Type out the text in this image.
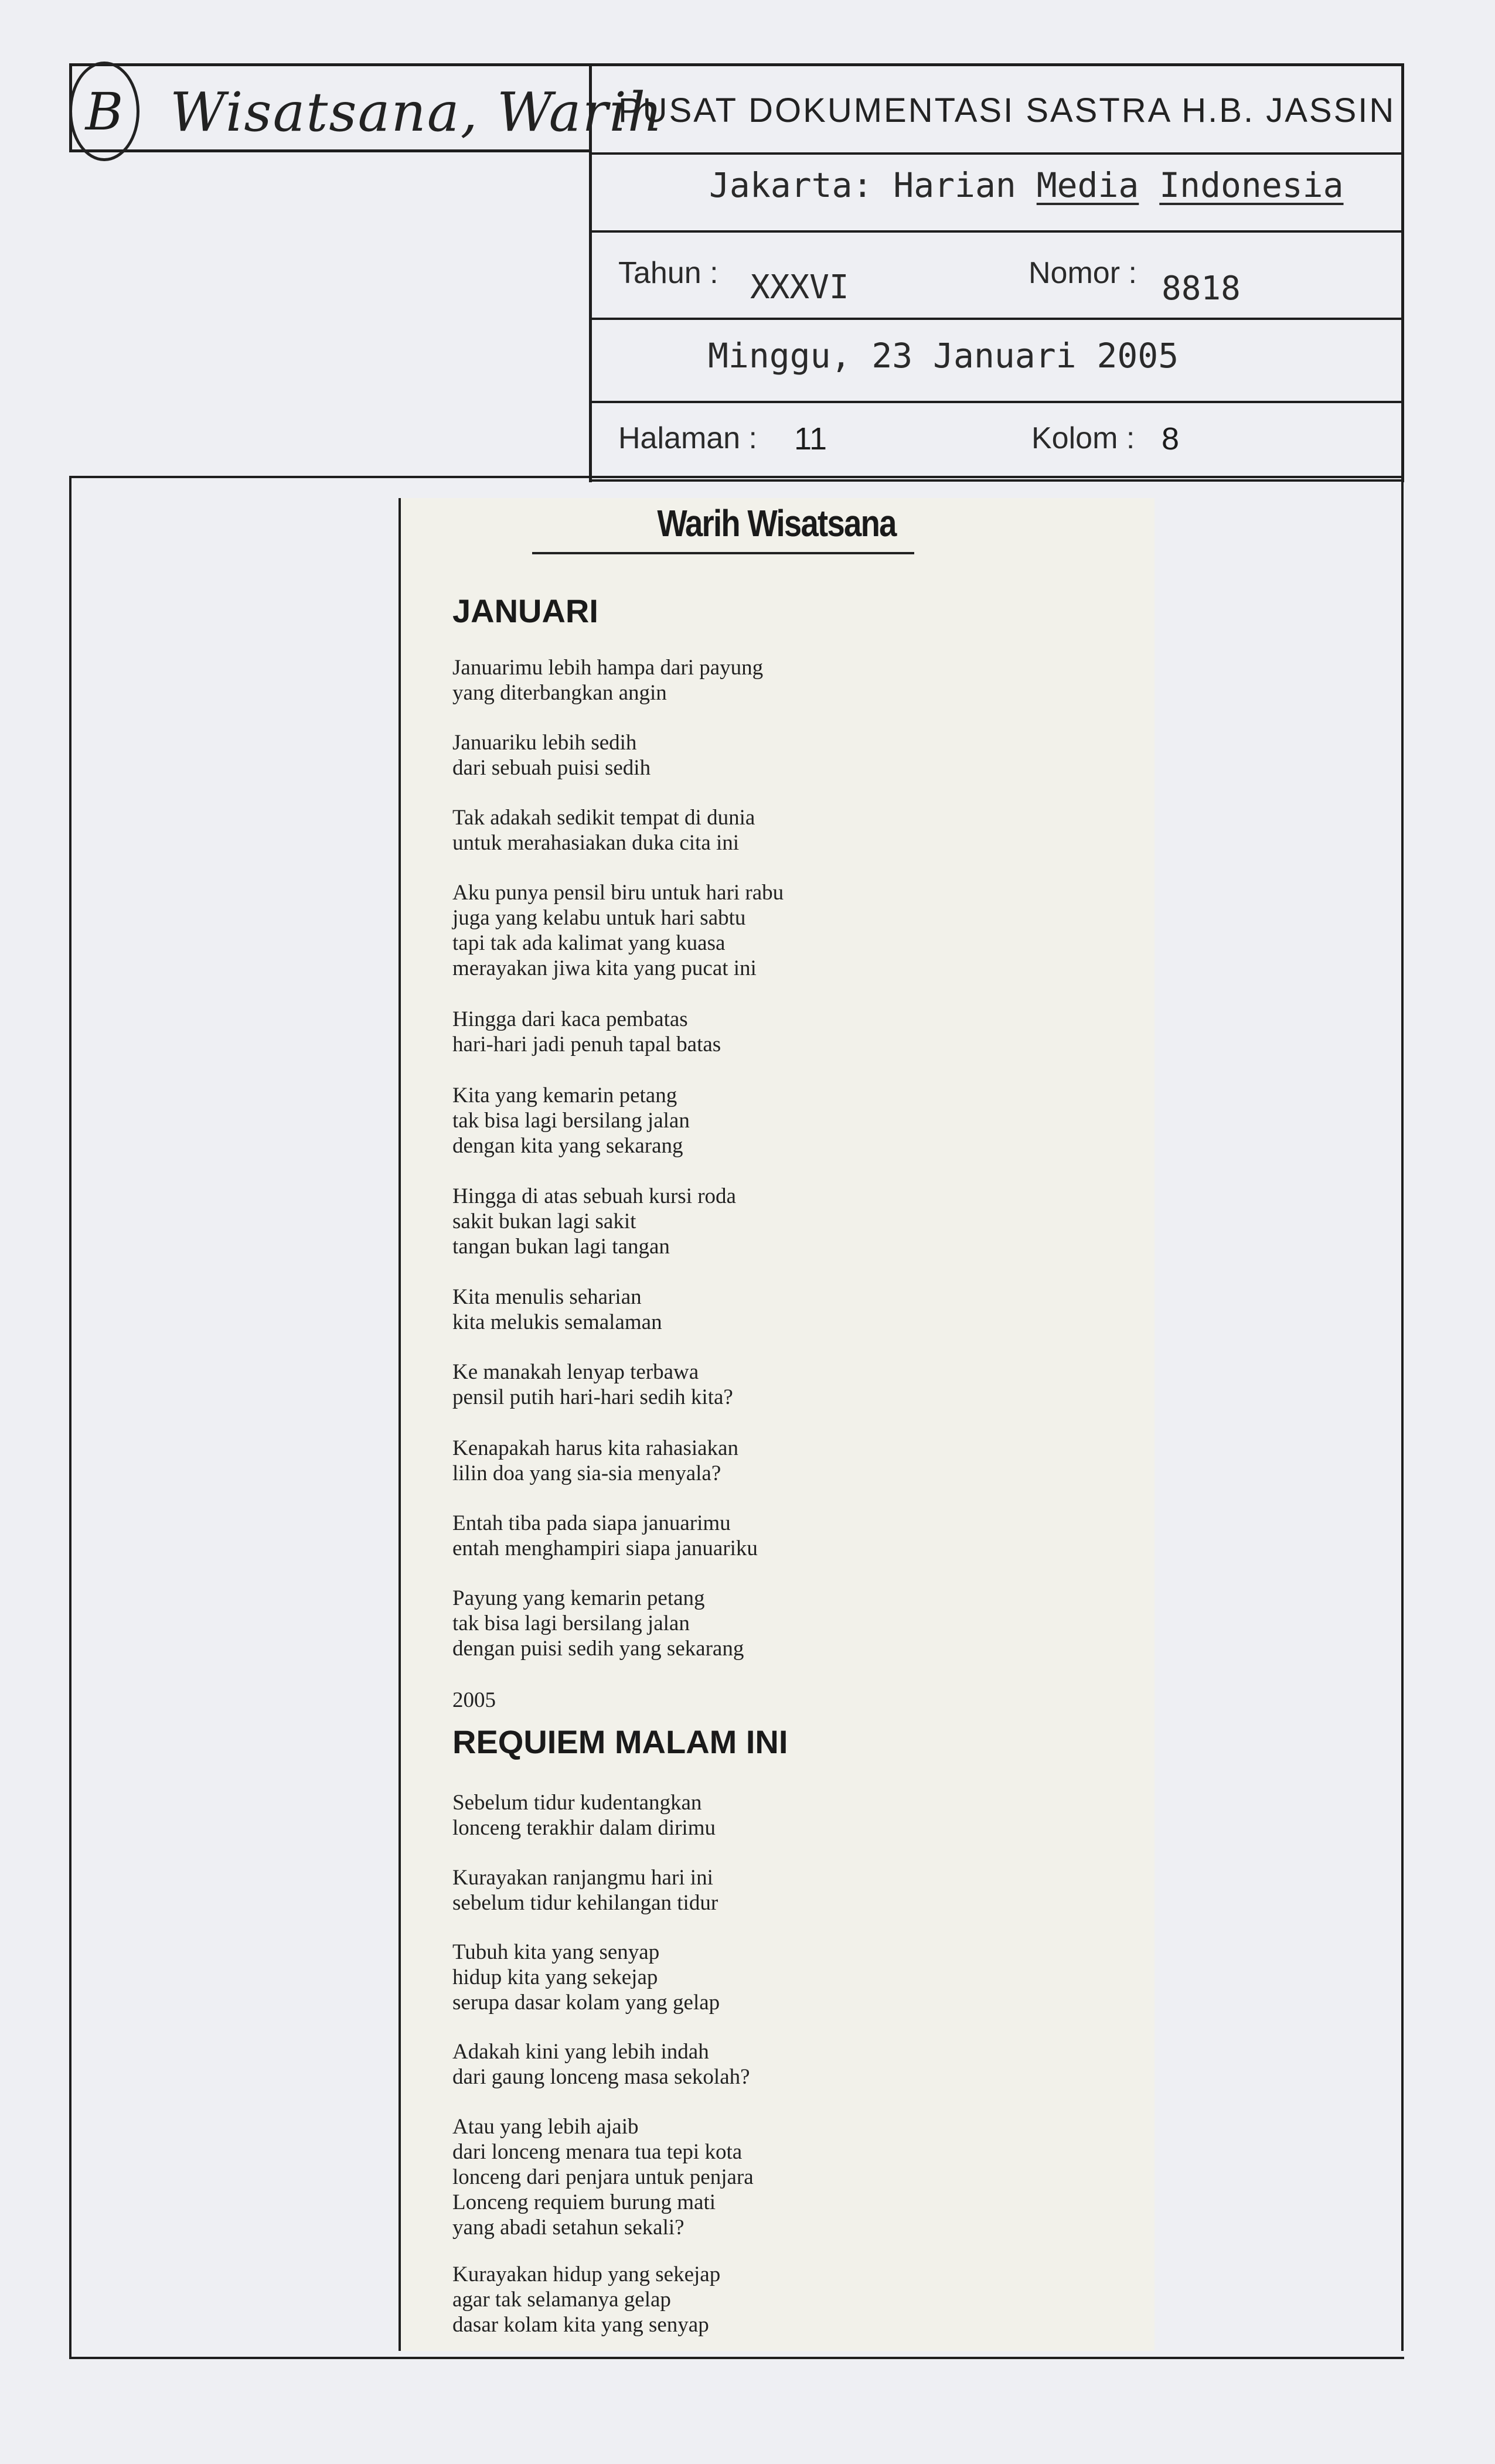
B Wisatsana, Warih
PUSAT DOKUMENTASI SASTRA H.B. JASSIN
Jakarta: Harian Media Indonesia
Tahun : XXXVI	Nomor : 8818
Minggu, 23 Januari 2005
Halaman : 11	Kolom : 8
Warih Wisatsana
JANUARI
Januarimu lebih hampa dari payung
yang diterbangkan angin
Januariku lebih sedih
dari sebuah puisi sedih
Tak adakah sedikit tempat di dunia
untuk merahasiakan duka cita ini
Aku punya pensil biru untuk hari rabu
juga yang kelabu untuk hari sabtu
tapi tak ada kalimat yang kuasa
merayakan jiwa kita yang pucat ini
Hingga dari kaca pembatas
hari-hari jadi penuh tapal batas
Kita yang kemarin petang
tak bisa lagi bersilang jalan
dengan kita yang sekarang
Hingga di atas sebuah kursi roda
sakit bukan lagi sakit
tangan bukan lagi tangan
Kita menulis seharian
kita melukis semalaman
Ke manakah lenyap terbawa
pensil putih hari-hari sedih kita?
Kenapakah harus kita rahasiakan
lilin doa yang sia-sia menyala?
Entah tiba pada siapa januarimu
entah menghampiri siapa januariku
Payung yang kemarin petang
tak bisa lagi bersilang jalan
dengan puisi sedih yang sekarang
2005
REQUIEM MALAM INI
Sebelum tidur kudentangkan
lonceng terakhir dalam dirimu
Kurayakan ranjangmu hari ini
sebelum tidur kehilangan tidur
Tubuh kita yang senyap
hidup kita yang sekejap
serupa dasar kolam yang gelap
Adakah kini yang lebih indah
dari gaung lonceng masa sekolah?
Atau yang lebih ajaib
dari lonceng menara tua tepi kota
lonceng dari penjara untuk penjara
Lonceng requiem burung mati
yang abadi setahun sekali?
Kurayakan hidup yang sekejap
agar tak selamanya gelap
dasar kolam kita yang senyap
